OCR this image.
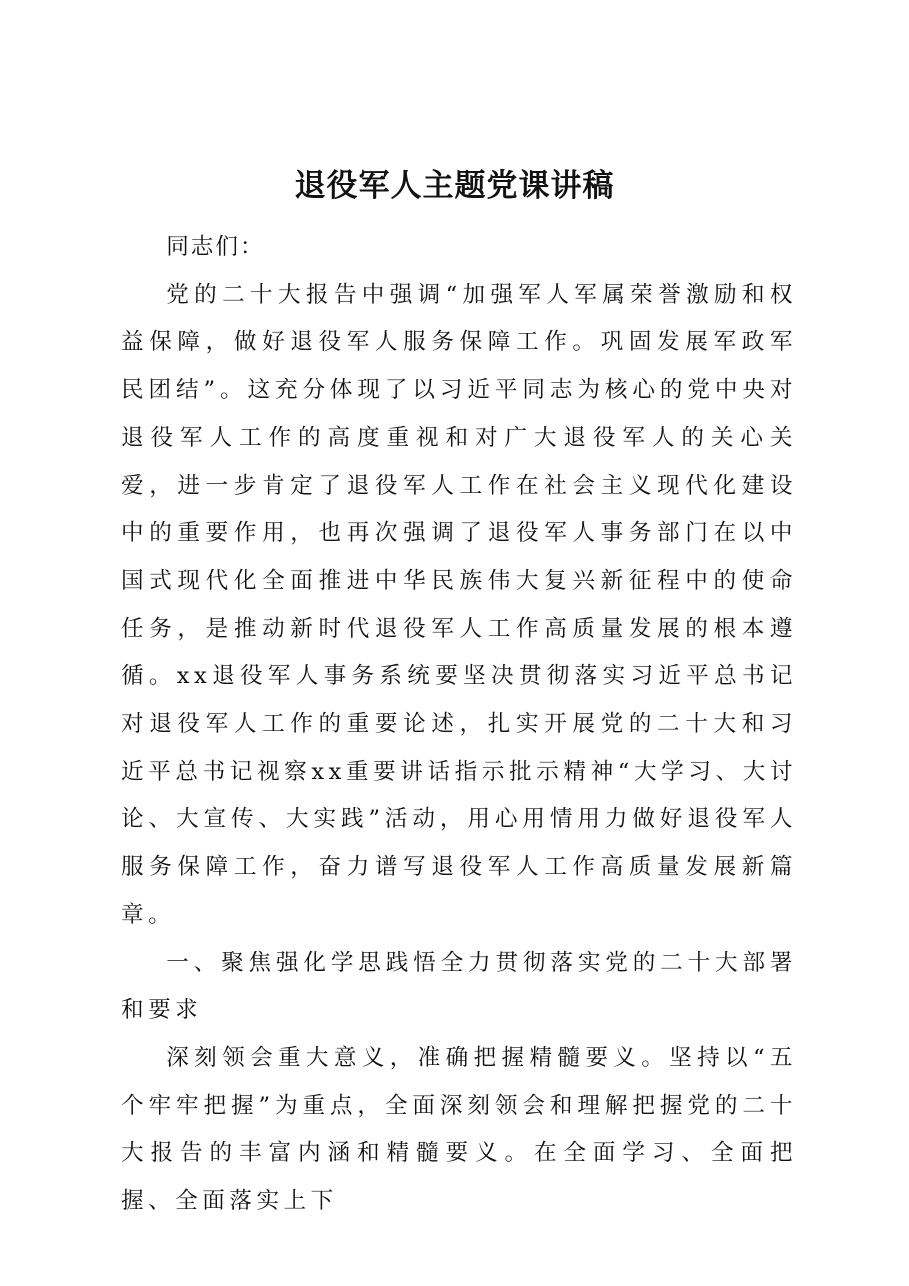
退役军人主题党课讲稿

同志们：

党的二十大报告中强调“加强军人军属荣誉激励和权益保障，做好退役军人服务保障工作。巩固发展军政军民团结”。这充分体现了以习近平同志为核心的党中央对退役军人工作的高度重视和对广大退役军人的关心关爱，进一步肯定了退役军人工作在社会主义现代化建设中的重要作用，也再次强调了退役军人事务部门在以中国式现代化全面推进中华民族伟大复兴新征程中的使命任务，是推动新时代退役军人工作高质量发展的根本遵循。xx退役军人事务系统要坚决贯彻落实习近平总书记对退役军人工作的重要论述，扎实开展党的二十大和习近平总书记视察xx重要讲话指示批示精神“大学习、大讨论、大宣传、大实践”活动，用心用情用力做好退役军人服务保障工作，奋力谱写退役军人工作高质量发展新篇章。

一、聚焦强化学思践悟全力贯彻落实党的二十大部署和要求

深刻领会重大意义，准确把握精髓要义。坚持以“五个牢牢把握”为重点，全面深刻领会和理解把握党的二十大报告的丰富内涵和精髓要义。在全面学习、全面把握、全面落实上下
